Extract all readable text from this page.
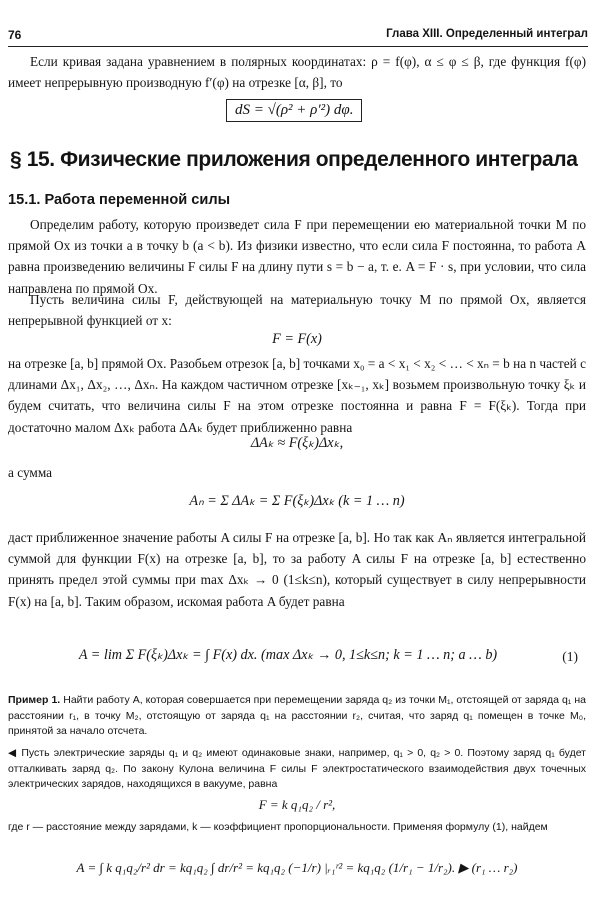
76	Глава XIII. Определенный интеграл
Если кривая задана уравнением в полярных координатах: ρ = f(φ), α ≤ φ ≤ β, где функция f(φ) имеет непрерывную производную f′(φ) на отрезке [α, β], то
dS = √(ρ² + ρ′²) dφ.
§ 15. Физические приложения определенного интеграла
15.1. Работа переменной силы
Определим работу, которую произведет сила F при перемещении ею материальной точки M по прямой Ox из точки a в точку b (a < b). Из физики известно, что если сила F постоянна, то работа A равна произведению величины F силы F на длину пути s = b − a, т. е. A = F · s, при условии, что сила направлена по прямой Ox.
Пусть величина силы F, действующей на материальную точку M по прямой Ox, является непрерывной функцией от x:
F = F(x)
на отрезке [a, b] прямой Ox. Разобьем отрезок [a, b] точками x₀ = a < x₁ < x₂ < … < xₙ = b на n частей с длинами Δx₁, Δx₂, …, Δxₙ. На каждом частичном отрезке [xₖ₋₁, xₖ] возьмем произвольную точку ξₖ и будем считать, что величина силы F на этом отрезке постоянна и равна F = F(ξₖ). Тогда при достаточно малом Δxₖ работа ΔAₖ будет приближенно равна
ΔAₖ ≈ F(ξₖ)Δxₖ,
а сумма
Aₙ = Σ ΔAₖ = Σ F(ξₖ)Δxₖ (k = 1 … n)
даст приближенное значение работы A силы F на отрезке [a, b]. Но так как Aₙ является интегральной суммой для функции F(x) на отрезке [a, b], то за работу A силы F на отрезке [a, b] естественно принять предел этой суммы при max Δxₖ → 0 (1≤k≤n), который существует в силу непрерывности F(x) на [a, b]. Таким образом, искомая работа A будет равна
A = lim Σ F(ξₖ)Δxₖ = ∫ F(x) dx. (max Δxₖ → 0, 1≤k≤n; k = 1 … n; a … b)	(1)
Пример 1. Найти работу A, которая совершается при перемещении заряда q₂ из точки M₁, отстоящей от заряда q₁ на расстоянии r₁, в точку M₂, отстоящую от заряда q₁ на расстоянии r₂, считая, что заряд q₁ помещен в точке M₀, принятой за начало отсчета.
◀ Пусть электрические заряды q₁ и q₂ имеют одинаковые знаки, например, q₁ > 0, q₂ > 0. Поэтому заряд q₁ будет отталкивать заряд q₂. По закону Кулона величина F силы F электростатического взаимодействия двух точечных электрических зарядов, находящихся в вакууме, равна
F = k q₁q₂ / r²,
где r — расстояние между зарядами, k — коэффициент пропорциональности. Применяя формулу (1), найдем
A = ∫ k q₁q₂/r² dr = kq₁q₂ ∫ dr/r² = kq₁q₂ (−1/r) |ᵣ₁ʳ² = kq₁q₂ (1/r₁ − 1/r₂). ▶ (r₁ … r₂)
